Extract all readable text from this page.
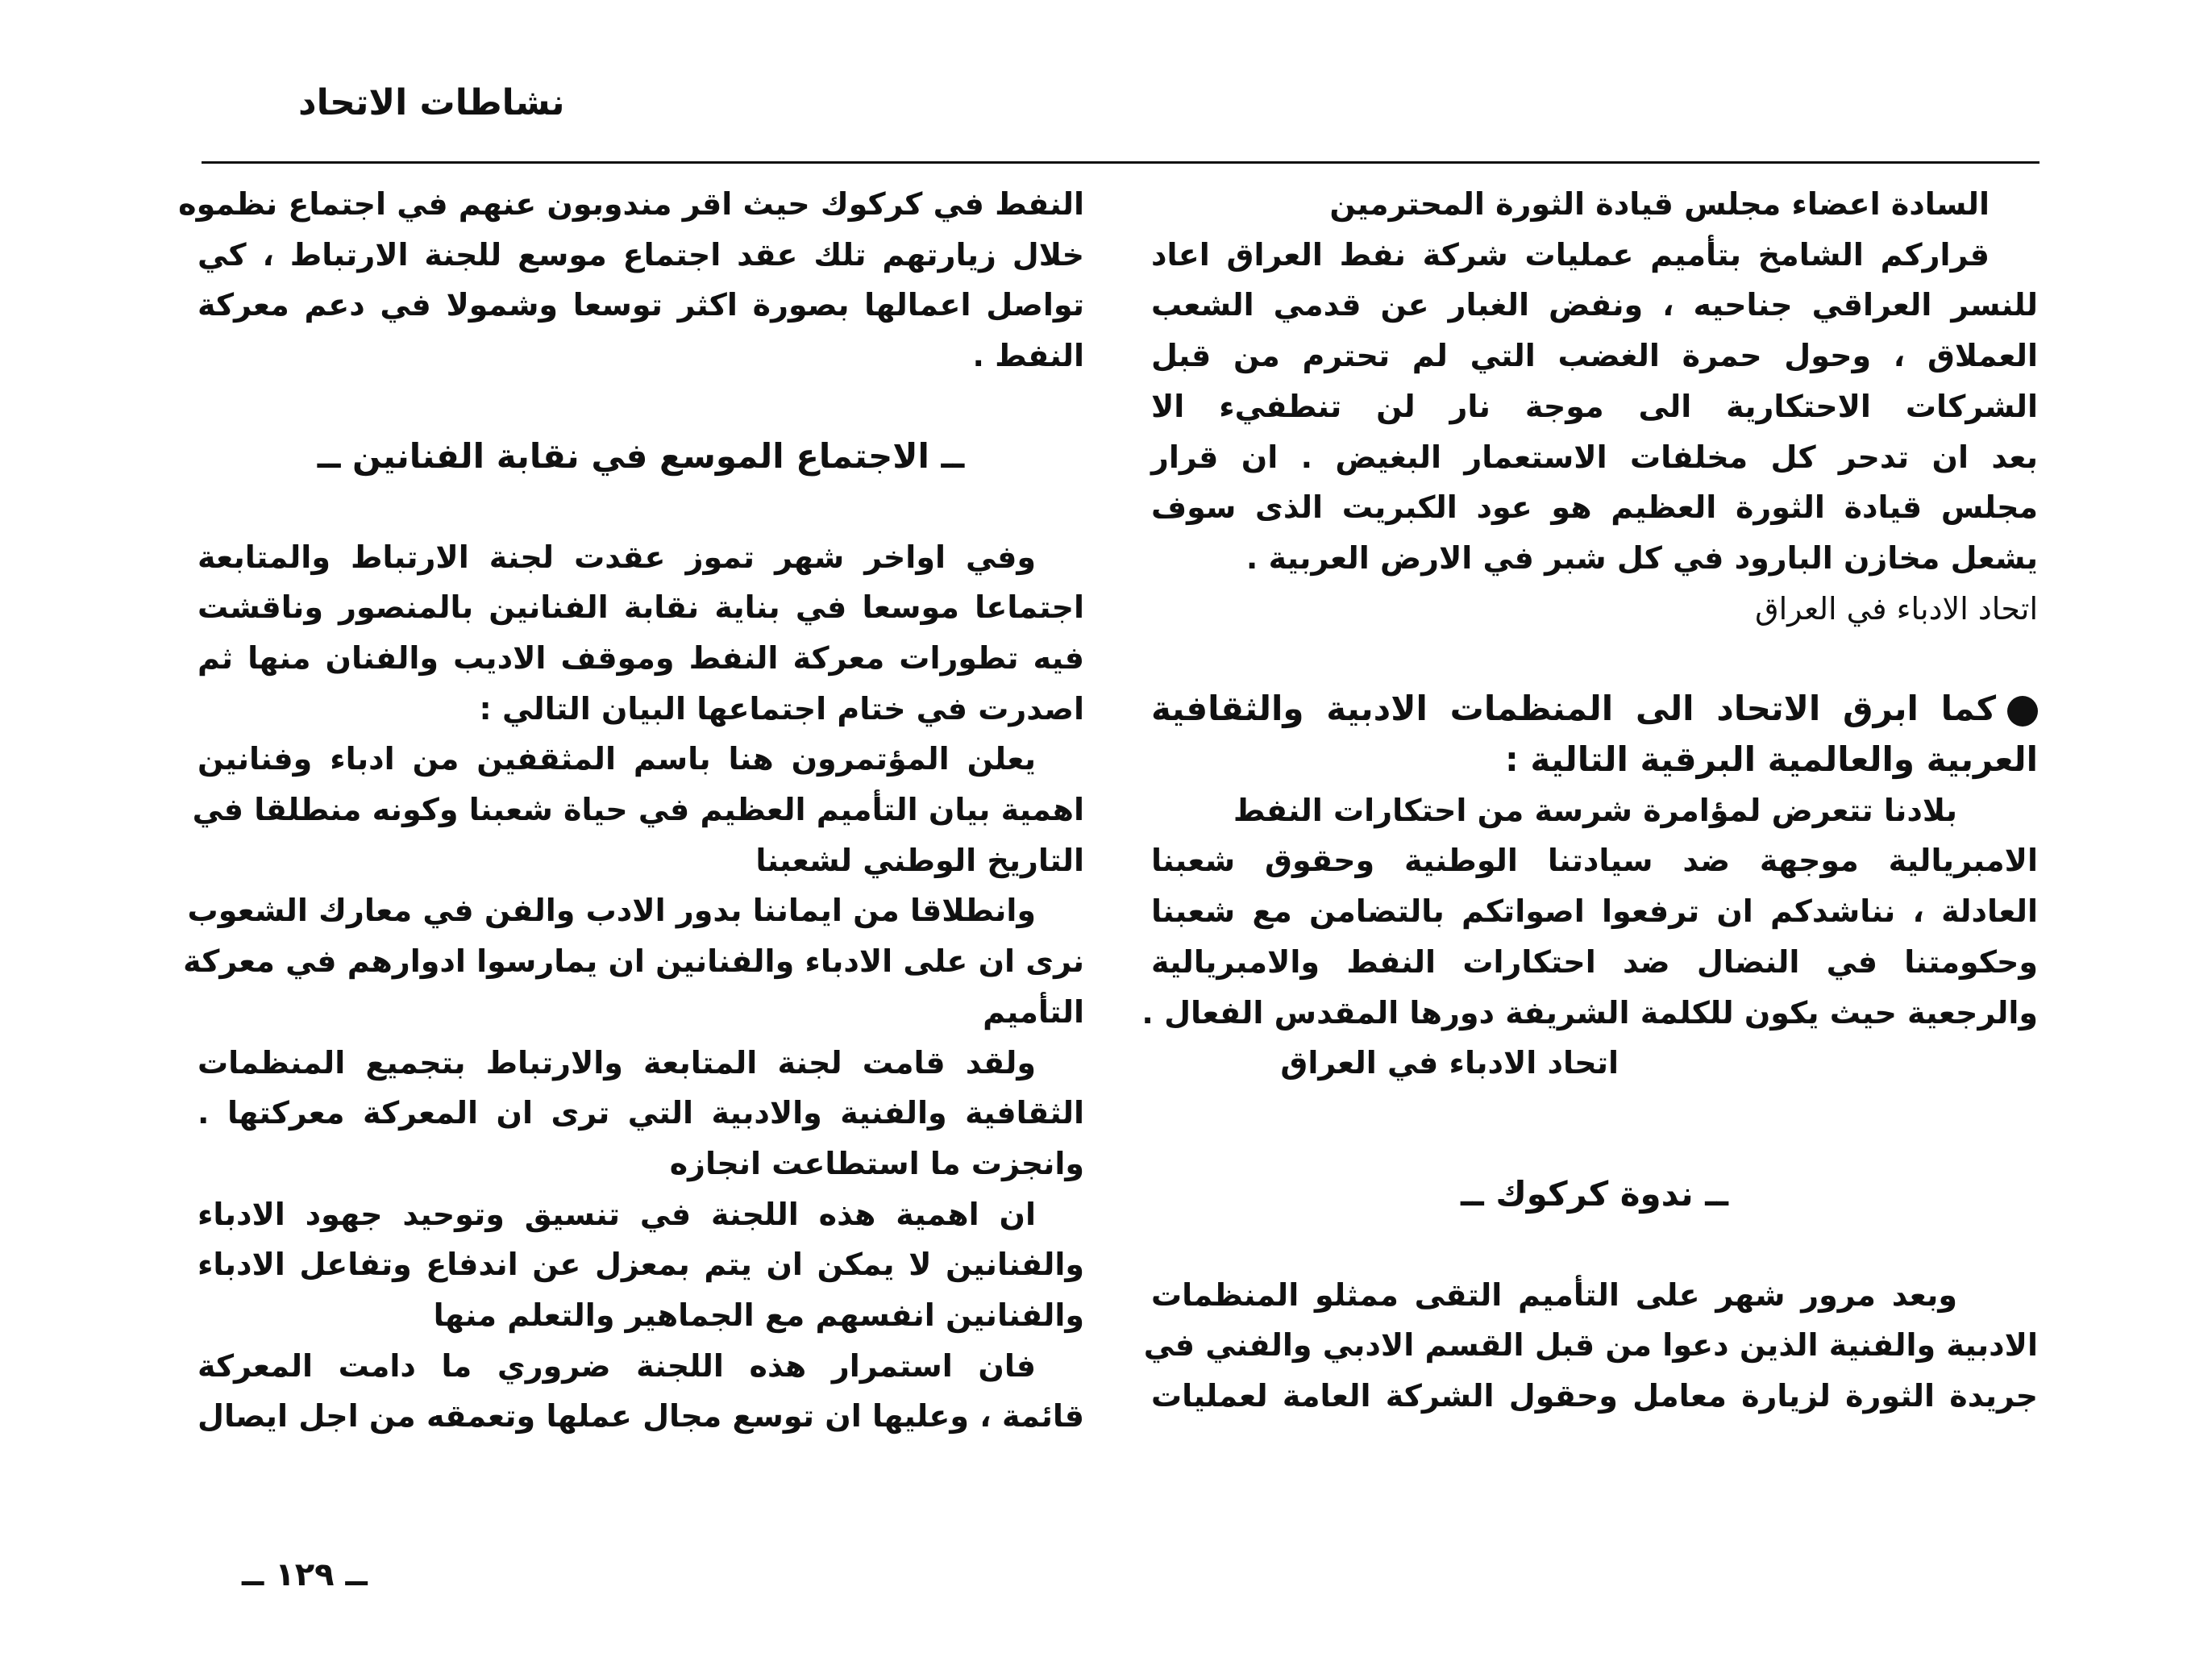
نشاطات الاتحاد
السادة اعضاء مجلس قيادة الثورة المحترمين
قراركم الشامخ بتأميم عمليات شركة نفط العراق اعاد
للنسر العراقي جناحيه ، ونفض الغبار عن قدمي الشعب
العملاق ، وحول حمرة الغضب التي لم تحترم من قبل
الشركات الاحتكارية الى موجة نار لن تنطفيء الا
بعد ان تدحر كل مخلفات الاستعمار البغيض . ان قرار
مجلس قيادة الثورة العظيم هو عود الكبريت الذى سوف
يشعل مخازن البارود في كل شبر في الارض العربية .
اتحاد الادباء في العراق
كما ابرق الاتحاد الى المنظمات الادبية والثقافية
العربية والعالمية البرقية التالية :
بلادنا تتعرض لمؤامرة شرسة من احتكارات النفط
الامبريالية موجهة ضد سيادتنا الوطنية وحقوق شعبنا
العادلة ، نناشدكم ان ترفعوا اصواتكم بالتضامن مع شعبنا
وحكومتنا في النضال ضد احتكارات النفط والامبريالية
والرجعية حيث يكون للكلمة الشريفة دورها المقدس الفعال .
اتحاد الادباء في العراق
ــ ندوة كركوك ــ
وبعد مرور شهر على التأميم التقى ممثلو المنظمات
الادبية والفنية الذين دعوا من قبل القسم الادبي والفني في
جريدة الثورة لزيارة معامل وحقول الشركة العامة لعمليات
النفط في كركوك حيث اقر مندوبون عنهم في اجتماع نظموه
خلال زيارتهم تلك عقد اجتماع موسع للجنة الارتباط ، كي
تواصل اعمالها بصورة اكثر توسعا وشمولا في دعم معركة
النفط .
ــ الاجتماع الموسع في نقابة الفنانين ــ
وفي اواخر شهر تموز عقدت لجنة الارتباط والمتابعة
اجتماعا موسعا في بناية نقابة الفنانين بالمنصور وناقشت
فيه تطورات معركة النفط وموقف الاديب والفنان منها ثم
اصدرت في ختام اجتماعها البيان التالي :
يعلن المؤتمرون هنا باسم المثقفين من ادباء وفنانين
اهمية بيان التأميم العظيم في حياة شعبنا وكونه منطلقا في
التاريخ الوطني لشعبنا
وانطلاقا من ايماننا بدور الادب والفن في معارك الشعوب
نرى ان على الادباء والفنانين ان يمارسوا ادوارهم في معركة
التأميم
ولقد قامت لجنة المتابعة والارتباط بتجميع المنظمات
الثقافية والفنية والادبية التي ترى ان المعركة معركتها .
وانجزت ما استطاعت انجازه
ان اهمية هذه اللجنة في تنسيق وتوحيد جهود الادباء
والفنانين لا يمكن ان يتم بمعزل عن اندفاع وتفاعل الادباء
والفنانين انفسهم مع الجماهير والتعلم منها
فان استمرار هذه اللجنة ضروري ما دامت المعركة
قائمة ، وعليها ان توسع مجال عملها وتعمقه من اجل ايصال
ــ ١٢٩ ــ
